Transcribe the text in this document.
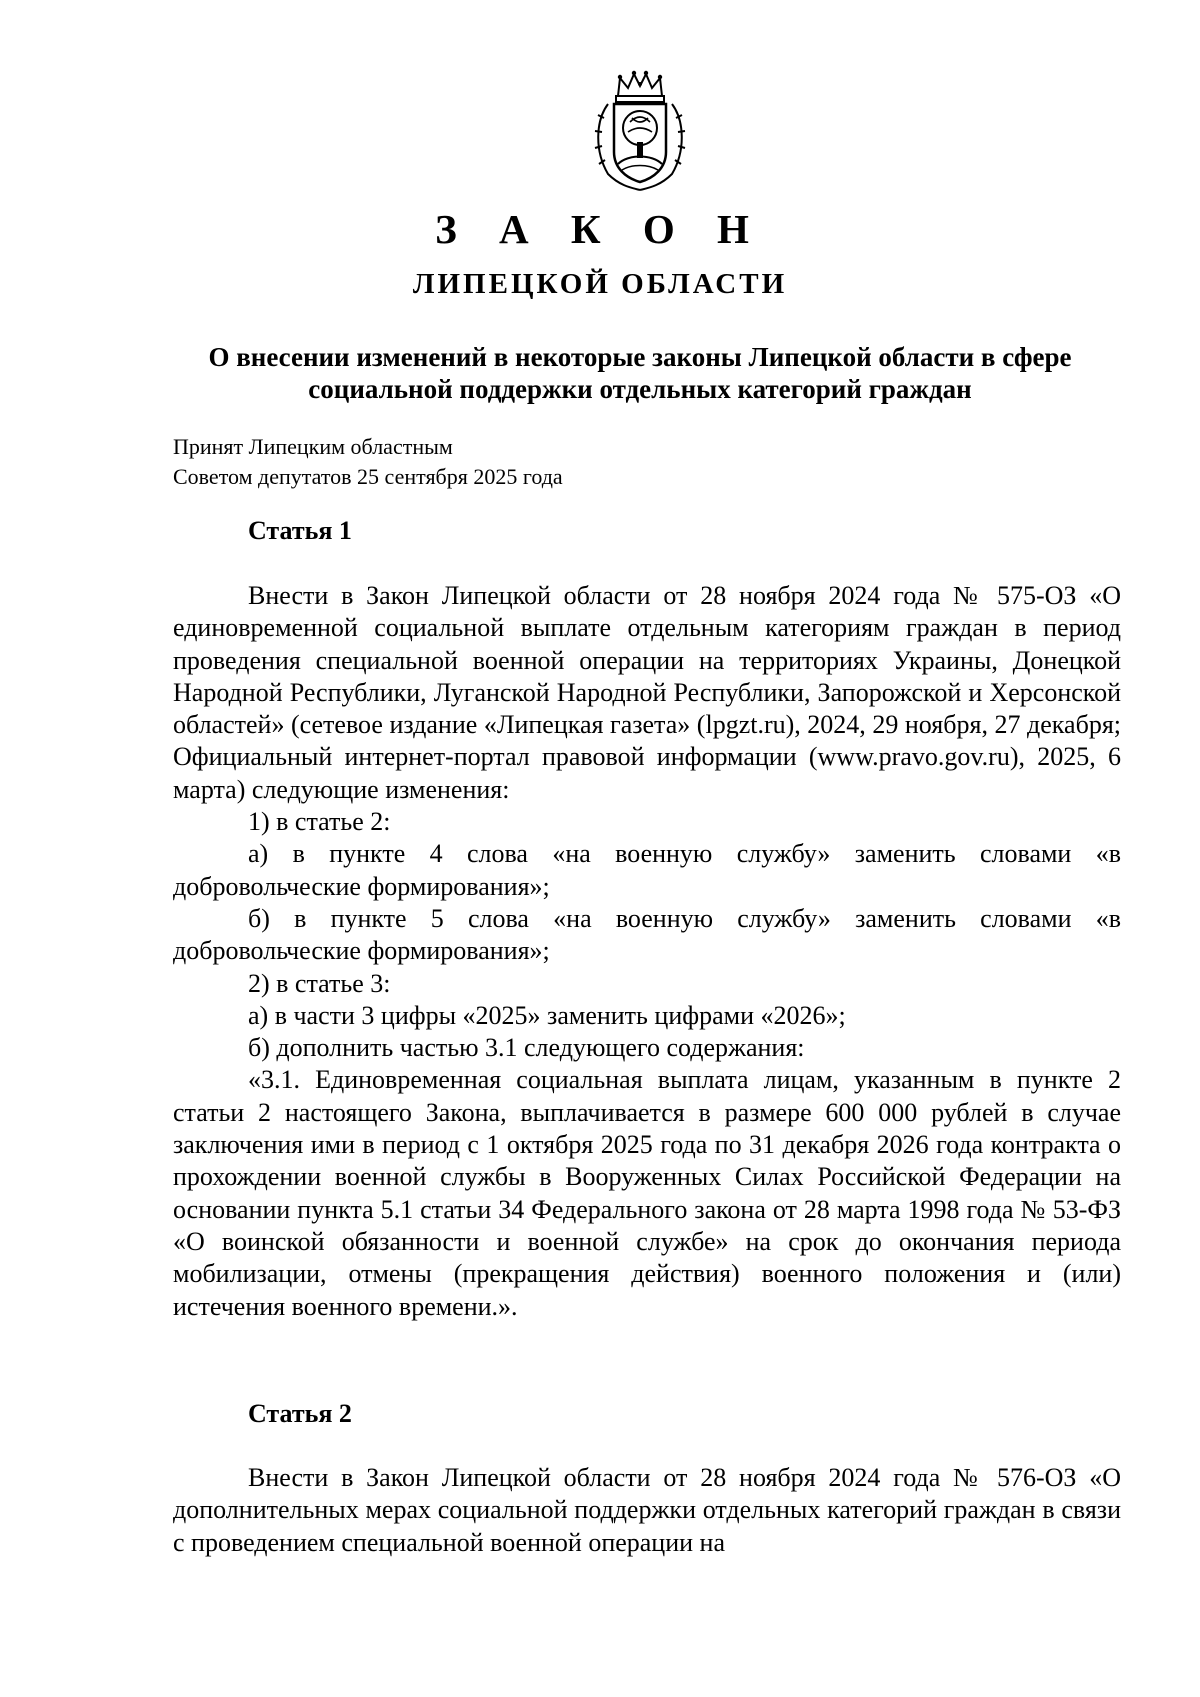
З А К О Н
ЛИПЕЦКОЙ ОБЛАСТИ
О внесении изменений в некоторые законы Липецкой области в сфере
социальной поддержки отдельных категорий граждан
Принят Липецким областным
Советом депутатов 25 сентября 2025 года
Статья 1

Внести в Закон Липецкой области от 28 ноября 2024 года № 575-ОЗ «О единовременной социальной выплате отдельным категориям граждан в период проведения специальной военной операции на территориях Украины, Донецкой Народной Республики, Луганской Народной Республики, Запорожской и Херсонской областей» (сетевое издание «Липецкая газета» (lpgzt.ru), 2024, 29 ноября, 27 декабря; Официальный интернет-портал правовой информации (www.pravo.gov.ru), 2025, 6 марта) следующие изменения:

1) в статье 2:

а) в пункте 4 слова «на военную службу» заменить словами «в добровольческие формирования»;

б) в пункте 5 слова «на военную службу» заменить словами «в добровольческие формирования»;

2) в статье 3:

а) в части 3 цифры «2025» заменить цифрами «2026»;

б) дополнить частью 3.1 следующего содержания:

«3.1. Единовременная социальная выплата лицам, указанным в пункте 2 статьи 2 настоящего Закона, выплачивается в размере 600 000 рублей в случае заключения ими в период с 1 октября 2025 года по 31 декабря 2026 года контракта о прохождении военной службы в Вооруженных Силах Российской Федерации на основании пункта 5.1 статьи 34 Федерального закона от 28 марта 1998 года № 53-ФЗ «О воинской обязанности и военной службе» на срок до окончания периода мобилизации, отмены (прекращения действия) военного положения и (или) истечения военного времени.».

Статья 2

Внести в Закон Липецкой области от 28 ноября 2024 года № 576-ОЗ «О дополнительных мерах социальной поддержки отдельных категорий граждан в связи с проведением специальной военной операции на
